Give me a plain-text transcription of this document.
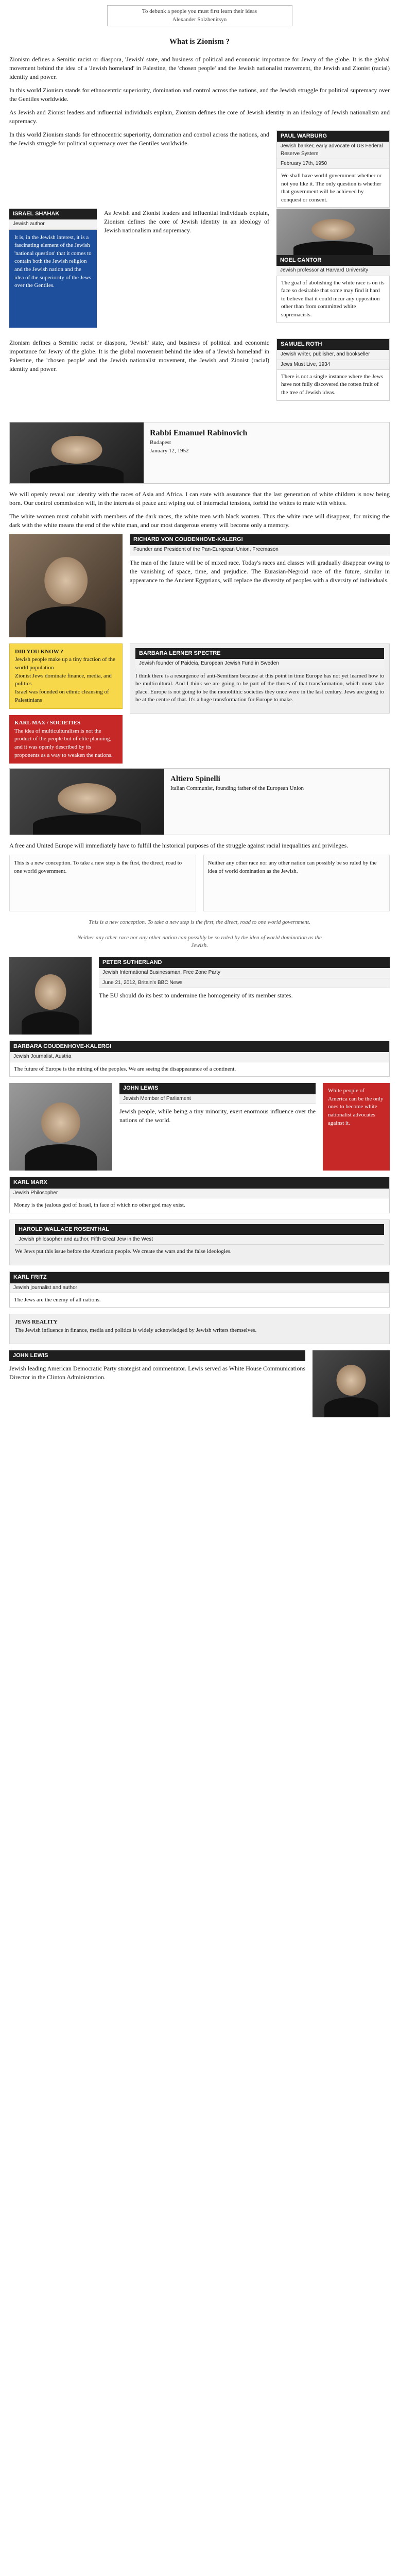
To debunk a people you must first learn their ideas
Alexander Solzhenitsyn
What is Zionism ?

Zionism defines a Semitic racist or diaspora, 'Jewish' state, and business of political and economic importance for Jewry of the globe. It is the global movement behind the idea of a 'Jewish homeland' in Palestine, the 'chosen people' and the Jewish nationalist movement, the Jewish and Zionist (racial) identity and power.

In this world Zionism stands for ethnocentric superiority, domination and control across the nations, and the Jewish struggle for political supremacy over the Gentiles worldwide.

As Jewish and Zionist leaders and influential individuals explain, Zionism defines the core of Jewish identity in an ideology of Jewish nationalism and supremacy.

In this world Zionism stands for ethnocentric superiority, domination and control across the nations, and the Jewish struggle for political supremacy over the Gentiles worldwide.

PAUL WARBURG
Jewish banker, early advocate of US Federal Reserve System
February 17th, 1950
We shall have world government whether or not you like it. The only question is whether that government will be achieved by conquest or consent.
ISRAEL SHAHAK
Jewish author
It is, in the Jewish interest, it is a fascinating element of the Jewish 'national question' that it comes to contain both the Jewish religion and the Jewish nation and the idea of the superiority of the Jews over the Gentiles.

As Jewish and Zionist leaders and influential individuals explain, Zionism defines the core of Jewish identity in an ideology of Jewish nationalism and supremacy.

NOEL CANTOR
Jewish professor at Harvard University
The goal of abolishing the white race is on its face so desirable that some may find it hard to believe that it could incur any opposition other than from committed white supremacists.

Zionism defines a Semitic racist or diaspora, 'Jewish' state, and business of political and economic importance for Jewry of the globe. It is the global movement behind the idea of a 'Jewish homeland' in Palestine, the 'chosen people' and the Jewish nationalist movement, the Jewish and Zionist (racial) identity and power.

SAMUEL ROTH
Jewish writer, publisher, and bookseller
Jews Must Live, 1934
There is not a single instance where the Jews have not fully discovered the rotten fruit of the tree of Jewish ideas.
Rabbi Emanuel Rabinovich
Budapest
January 12, 1952

We will openly reveal our identity with the races of Asia and Africa. I can state with assurance that the last generation of white children is now being born. Our control commission will, in the interests of peace and wiping out of interracial tensions, forbid the whites to mate with whites.

The white women must cohabit with members of the dark races, the white men with black women. Thus the white race will disappear, for mixing the dark with the white means the end of the white man, and our most dangerous enemy will become only a memory.

RICHARD VON COUDENHOVE-KALERGI
Founder and President of the Pan-European Union, Freemason

The man of the future will be of mixed race. Today's races and classes will gradually disappear owing to the vanishing of space, time, and prejudice. The Eurasian-Negroid race of the future, similar in appearance to the Ancient Egyptians, will replace the diversity of peoples with a diversity of individuals.

DID YOU KNOW ?
Jewish people make up a tiny fraction of the world population
Zionist Jews dominate finance, media, and politics
Israel was founded on ethnic cleansing of Palestinians
KARL MAX / SOCIETIES
The idea of multiculturalism is not the product of the people but of elite planning, and it was openly described by its proponents as a way to weaken the nations.
BARBARA LERNER SPECTRE
Jewish founder of Paideia, European Jewish Fund in Sweden

I think there is a resurgence of anti-Semitism because at this point in time Europe has not yet learned how to be multicultural. And I think we are going to be part of the throes of that transformation, which must take place. Europe is not going to be the monolithic societies they once were in the last century. Jews are going to be at the centre of that. It's a huge transformation for Europe to make.

Altiero Spinelli
Italian Communist, founding father of the European Union

A free and United Europe will immediately have to fulfill the historical purposes of the struggle against racial inequalities and privileges.

This is a new conception. To take a new step is the first, the direct, road to one world government.
Neither any other race nor any other nation can possibly be so ruled by the idea of world domination as the Jewish.
This is a new conception. To take a new step is the first, the direct, road to one world government.
Neither any other race nor any other nation can possibly be so ruled by the idea of world domination as the Jewish.
PETER SUTHERLAND
Jewish International Businessman, Free Zone Party
June 21, 2012, Britain's BBC News

The EU should do its best to undermine the homogeneity of its member states.

BARBARA COUDENHOVE-KALERGI
Jewish Journalist, Austria
The future of Europe is the mixing of the peoples. We are seeing the disappearance of a continent.
JOHN LEWIS
Jewish Member of Parliament

Jewish people, while being a tiny minority, exert enormous influence over the nations of the world.

White people of America can be the only ones to become white nationalist advocates against it.
KARL MARX
Jewish Philosopher
Money is the jealous god of Israel, in face of which no other god may exist.
HAROLD WALLACE ROSENTHAL
Jewish philosopher and author, Fifth Great Jew in the West

We Jews put this issue before the American people. We create the wars and the false ideologies.

KARL FRITZ
Jewish journalist and author
The Jews are the enemy of all nations.
JEWS REALITY

The Jewish influence in finance, media and politics is widely acknowledged by Jewish writers themselves.

JOHN LEWIS

Jewish leading American Democratic Party strategist and commentator. Lewis served as White House Communications Director in the Clinton Administration.
